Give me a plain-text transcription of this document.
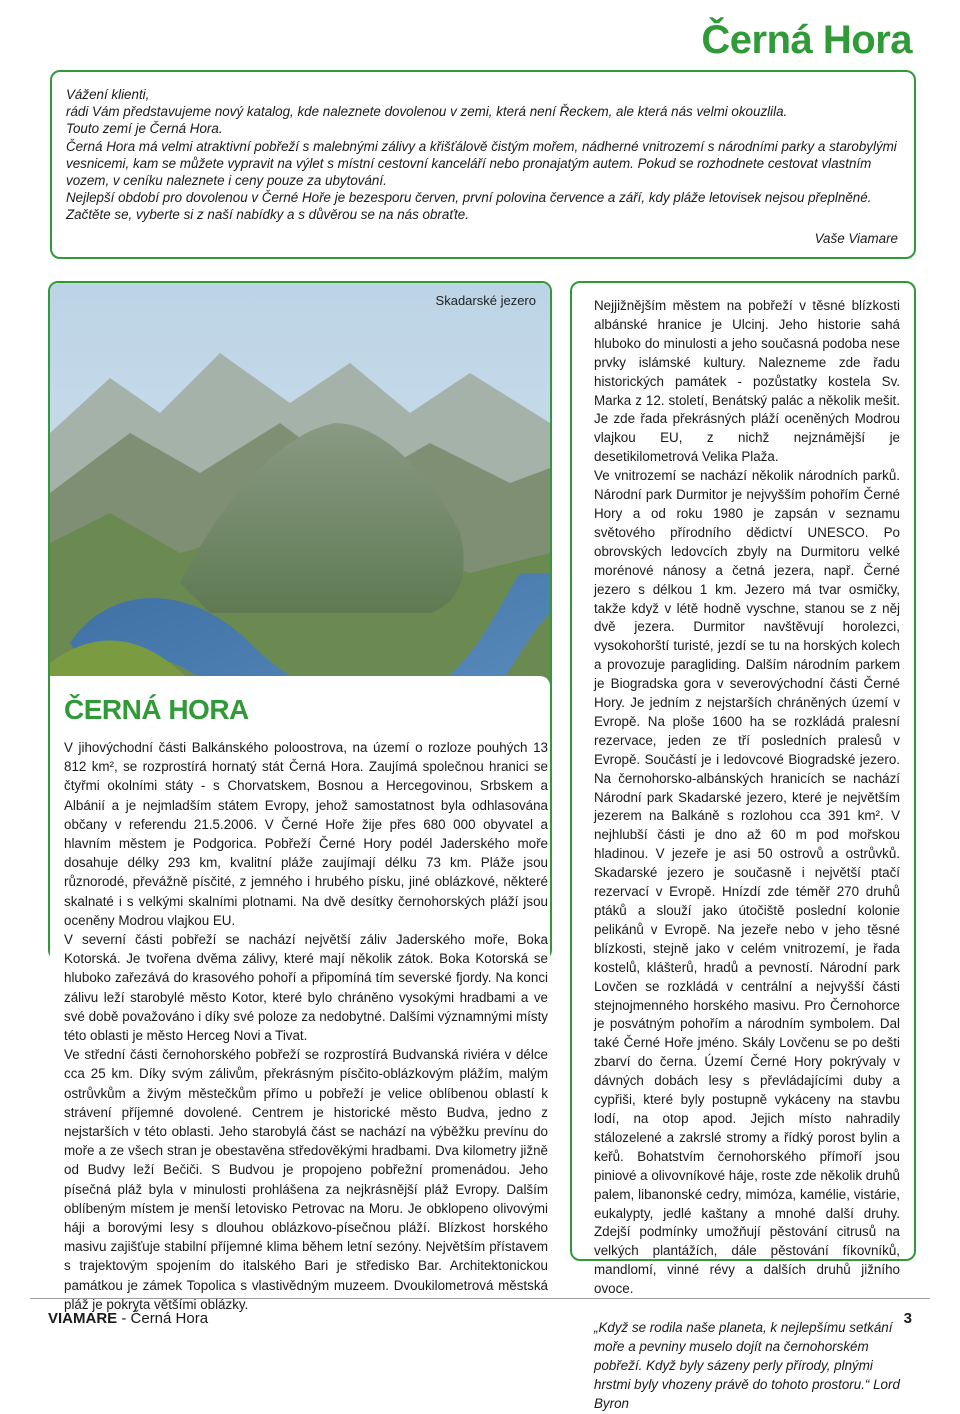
Černá Hora

Vážení klienti,

rádi Vám představujeme nový katalog, kde naleznete dovolenou v zemi, která není Řeckem, ale která nás velmi okouzlila.

Touto zemí je Černá Hora.

Černá Hora má velmi atraktivní pobřeží s malebnými zálivy a křišťálově čistým mořem, nádherné vnitrozemí s národními parky a starobylými vesnicemi, kam se můžete vypravit na výlet s místní cestovní kanceláří nebo pronajatým autem. Pokud se rozhodnete cestovat vlastním vozem, v ceníku naleznete i ceny pouze za ubytování.

Nejlepší období pro dovolenou v Černé Hoře je bezesporu červen, první polovina července a září, kdy pláže letovisek nejsou přeplněné.

Začtěte se, vyberte si z naší nabídky a s důvěrou se na nás obraťte.

Vaše Viamare

Skadarské jezero
ČERNÁ HORA

V jihovýchodní části Balkánského poloostrova, na území o rozloze pouhých 13 812 km², se rozprostírá hornatý stát Černá Hora. Zaujímá společnou hranici se čtyřmi okolními státy - s Chorvatskem, Bosnou a Hercegovinou, Srbskem a Albánií a je nejmladším státem Evropy, jehož samostatnost byla odhlasována občany v referendu 21.5.2006. V Černé Hoře žije přes 680 000 obyvatel a hlavním městem je Podgorica. Pobřeží Černé Hory podél Jaderského moře dosahuje délky 293 km, kvalitní pláže zaujímají délku 73 km. Pláže jsou různorodé, převážně písčité, z jemného i hrubého písku, jiné oblázkové, některé skalnaté i s velkými skalními plotnami. Na dvě desítky černohorských pláží jsou oceněny Modrou vlajkou EU.

V severní části pobřeží se nachází největší záliv Jaderského moře, Boka Kotorská. Je tvořena dvěma zálivy, které mají několik zátok. Boka Kotorská se hluboko zařezává do krasového pohoří a připomíná tím severské fjordy. Na konci zálivu leží starobylé město Kotor, které bylo chráněno vysokými hradbami a ve své době považováno i díky své poloze za nedobytné. Dalšími významnými místy této oblasti je město Herceg Novi a Tivat.

Ve střední části černohorského pobřeží se rozprostírá Budvanská riviéra v délce cca 25 km. Díky svým zálivům, překrásným písčito-oblázkovým plážím, malým ostrůvkům a živým městečkům přímo u pobřeží je velice oblíbenou oblastí k strávení příjemné dovolené. Centrem je historické město Budva, jedno z nejstarších v této oblasti. Jeho starobylá část se nachází na výběžku prevínu do moře a ze všech stran je obestavěna středověkými hradbami. Dva kilometry jižně od Budvy leží Bečiči. S Budvou je propojeno pobřežní promenádou. Jeho písečná pláž byla v minulosti prohlášena za nejkrásnější pláž Evropy. Dalším oblíbeným místem je menší letovisko Petrovac na Moru. Je obklopeno olivovými háji a borovými lesy s dlouhou oblázkovo-písečnou pláží. Blízkost horského masivu zajišťuje stabilní příjemné klima během letní sezóny. Největším přístavem s trajektovým spojením do italského Bari je středisko Bar. Architektonickou památkou je zámek Topolica s vlastivědným muzeem. Dvoukilometrová městská pláž je pokryta většími oblázky.

Nejjižnějším městem na pobřeží v těsné blízkosti albánské hranice je Ulcinj. Jeho historie sahá hluboko do minulosti a jeho současná podoba nese prvky islámské kultury. Nalezneme zde řadu historických památek - pozůstatky kostela Sv. Marka z 12. století, Benátský palác a několik mešit. Je zde řada překrásných pláží oceněných Modrou vlajkou EU, z nichž nejznámější je desetikilometrová Velika Plaža.

Ve vnitrozemí se nachází několik národních parků. Národní park Durmitor je nejvyšším pohořím Černé Hory a od roku 1980 je zapsán v seznamu světového přírodního dědictví UNESCO. Po obrovských ledovcích zbyly na Durmitoru velké morénové nánosy a četná jezera, např. Černé jezero s délkou 1 km. Jezero má tvar osmičky, takže když v létě hodně vyschne, stanou se z něj dvě jezera. Durmitor navštěvují horolezci, vysokohorští turisté, jezdí se tu na horských kolech a provozuje paragliding. Dalším národním parkem je Biogradska gora v severovýchodní části Černé Hory. Je jedním z nejstarších chráněných území v Evropě. Na ploše 1600 ha se rozkládá pralesní rezervace, jeden ze tří posledních pralesů v Evropě. Součástí je i ledovcové Biogradské jezero. Na černohorsko-albánských hranicích se nachází Národní park Skadarské jezero, které je největším jezerem na Balkáně s rozlohou cca 391 km². V nejhlubší části je dno až 60 m pod mořskou hladinou. V jezeře je asi 50 ostrovů a ostrůvků. Skadarské jezero je současně i největší ptačí rezervací v Evropě. Hnízdí zde téměř 270 druhů ptáků a slouží jako útočiště poslední kolonie pelikánů v Evropě. Na jezeře nebo v jeho těsné blízkosti, stejně jako v celém vnitrozemí, je řada kostelů, klášterů, hradů a pevností. Národní park Lovčen se rozkládá v centrální a nejvyšší části stejnojmenného horského masivu. Pro Černohorce je posvátným pohořím a národním symbolem. Dal také Černé Hoře jméno. Skály Lovčenu se po dešti zbarví do černa. Území Černé Hory pokrývaly v dávných dobách lesy s převládajícími duby a cypřiši, které byly postupně vykáceny na stavbu lodí, na otop apod. Jejich místo nahradily stálozelené a zakrslé stromy a řídký porost bylin a keřů. Bohatstvím černohorského přímoří jsou piniové a olivovníkové háje, roste zde několik druhů palem, libanonské cedry, mimóza, kamélie, vistárie, eukalypty, jedlé kaštany a mnohé další druhy. Zdejší podmínky umožňují pěstování citrusů na velkých plantážích, dále pěstování fíkovníků, mandlomí, vinné révy a dalších druhů jižního ovoce.

„Když se rodila naše planeta, k nejlepšímu setkání moře a pevniny muselo dojít na černohorském pobřeží. Když byly sázeny perly přírody, plnými hrstmi byly vhozeny právě do tohoto prostoru.“ Lord Byron

VIAMARE - Černá Hora	3
